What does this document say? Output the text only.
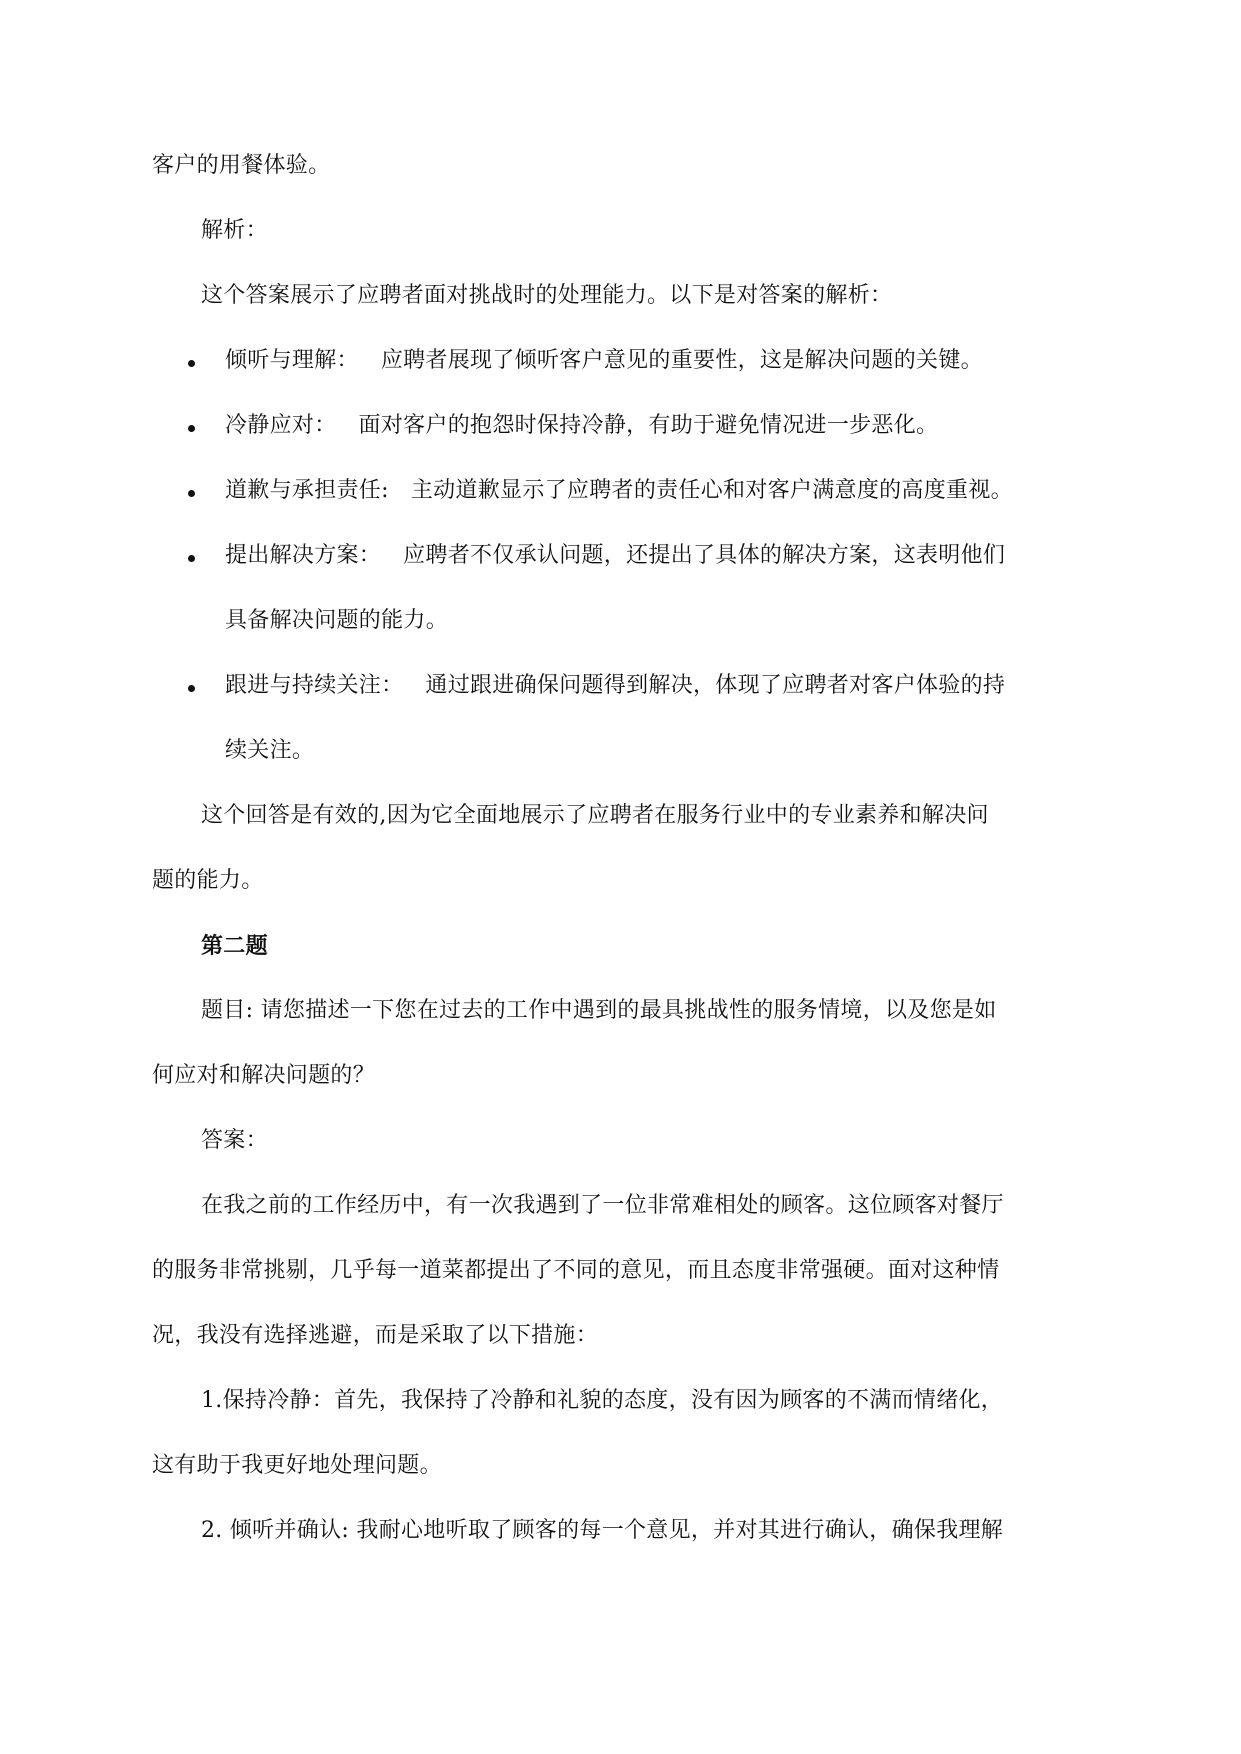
客户的用餐体验。
解析：
这个答案展示了应聘者面对挑战时的处理能力。以下是对答案的解析：
倾听与理解： 应聘者展现了倾听客户意见的重要性，这是解决问题的关键。
冷静应对： 面对客户的抱怨时保持冷静，有助于避免情况进一步恶化。
道歉与承担责任: 主动道歉显示了应聘者的责任心和对客户满意度的高度重视。
提出解决方案： 应聘者不仅承认问题，还提出了具体的解决方案，这表明他们
具备解决问题的能力。
跟进与持续关注： 通过跟进确保问题得到解决，体现了应聘者对客户体验的持
续关注。
这个回答是有效的,因为它全面地展示了应聘者在服务行业中的专业素养和解决问
题的能力。
第二题
题目: 请您描述一下您在过去的工作中遇到的最具挑战性的服务情境，以及您是如
何应对和解决问题的？
答案：
在我之前的工作经历中，有一次我遇到了一位非常难相处的顾客。这位顾客对餐厅
的服务非常挑剔，几乎每一道菜都提出了不同的意见，而且态度非常强硬。面对这种情
况，我没有选择逃避，而是采取了以下措施：
1.保持冷静：首先，我保持了冷静和礼貌的态度，没有因为顾客的不满而情绪化，
这有助于我更好地处理问题。
2. 倾听并确认: 我耐心地听取了顾客的每一个意见，并对其进行确认，确保我理解
